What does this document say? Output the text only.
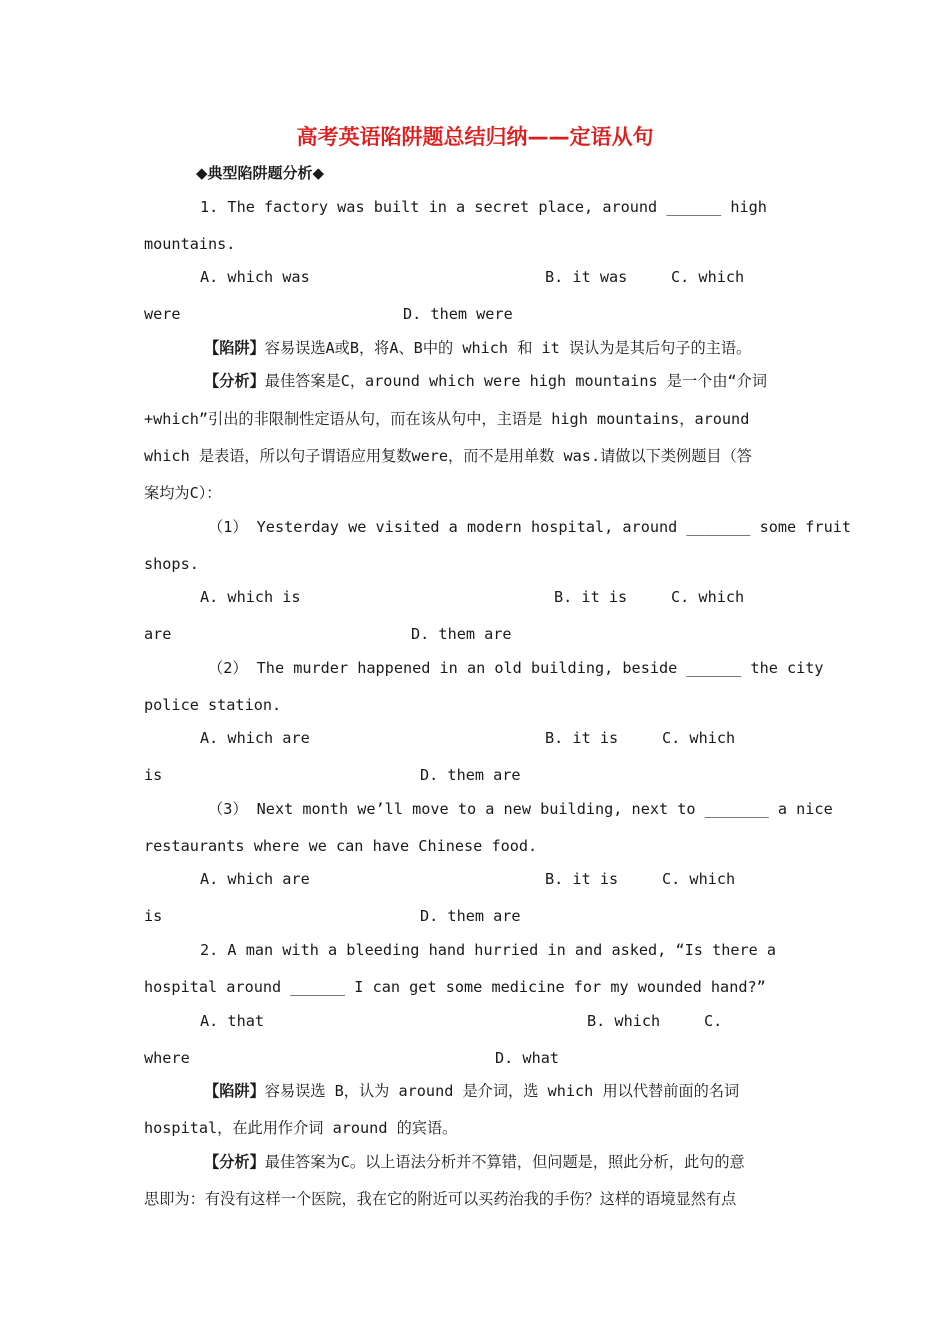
高考英语陷阱题总结归纳——定语从句
◆典型陷阱题分析◆
1. The factory was built in a secret place, around ______ high
mountains.
A. which was	B. it was	C. which
were	D. them were
【陷阱】容易误选A或B，将A、B中的 which 和 it 误认为是其后句子的主语。
【分析】最佳答案是C，around which were high mountains 是一个由“介词
+which”引出的非限制性定语从句，而在该从句中，主语是 high mountains，around
which 是表语，所以句子谓语应用复数were，而不是用单数 was.请做以下类例题目（答
案均为C）：
（1） Yesterday we visited a modern hospital, around _______ some fruit
shops.
A. which is	B. it is	C. which
are	D. them are
（2） The murder happened in an old building, beside ______ the city
police station.
A. which are	B. it is	C. which
is	D. them are
（3） Next month we’ll move to a new building, next to _______ a nice
restaurants where we can have Chinese food.
A. which are	B. it is	C. which
is	D. them are
2. A man with a bleeding hand hurried in and asked, “Is there a
hospital around ______ I can get some medicine for my wounded hand?”
A. that	B. which	C.
where	D. what
【陷阱】容易误选 B，认为 around 是介词，选 which 用以代替前面的名词
hospital，在此用作介词 around 的宾语。
【分析】最佳答案为C。以上语法分析并不算错，但问题是，照此分析，此句的意
思即为：有没有这样一个医院，我在它的附近可以买药治我的手伤？这样的语境显然有点
